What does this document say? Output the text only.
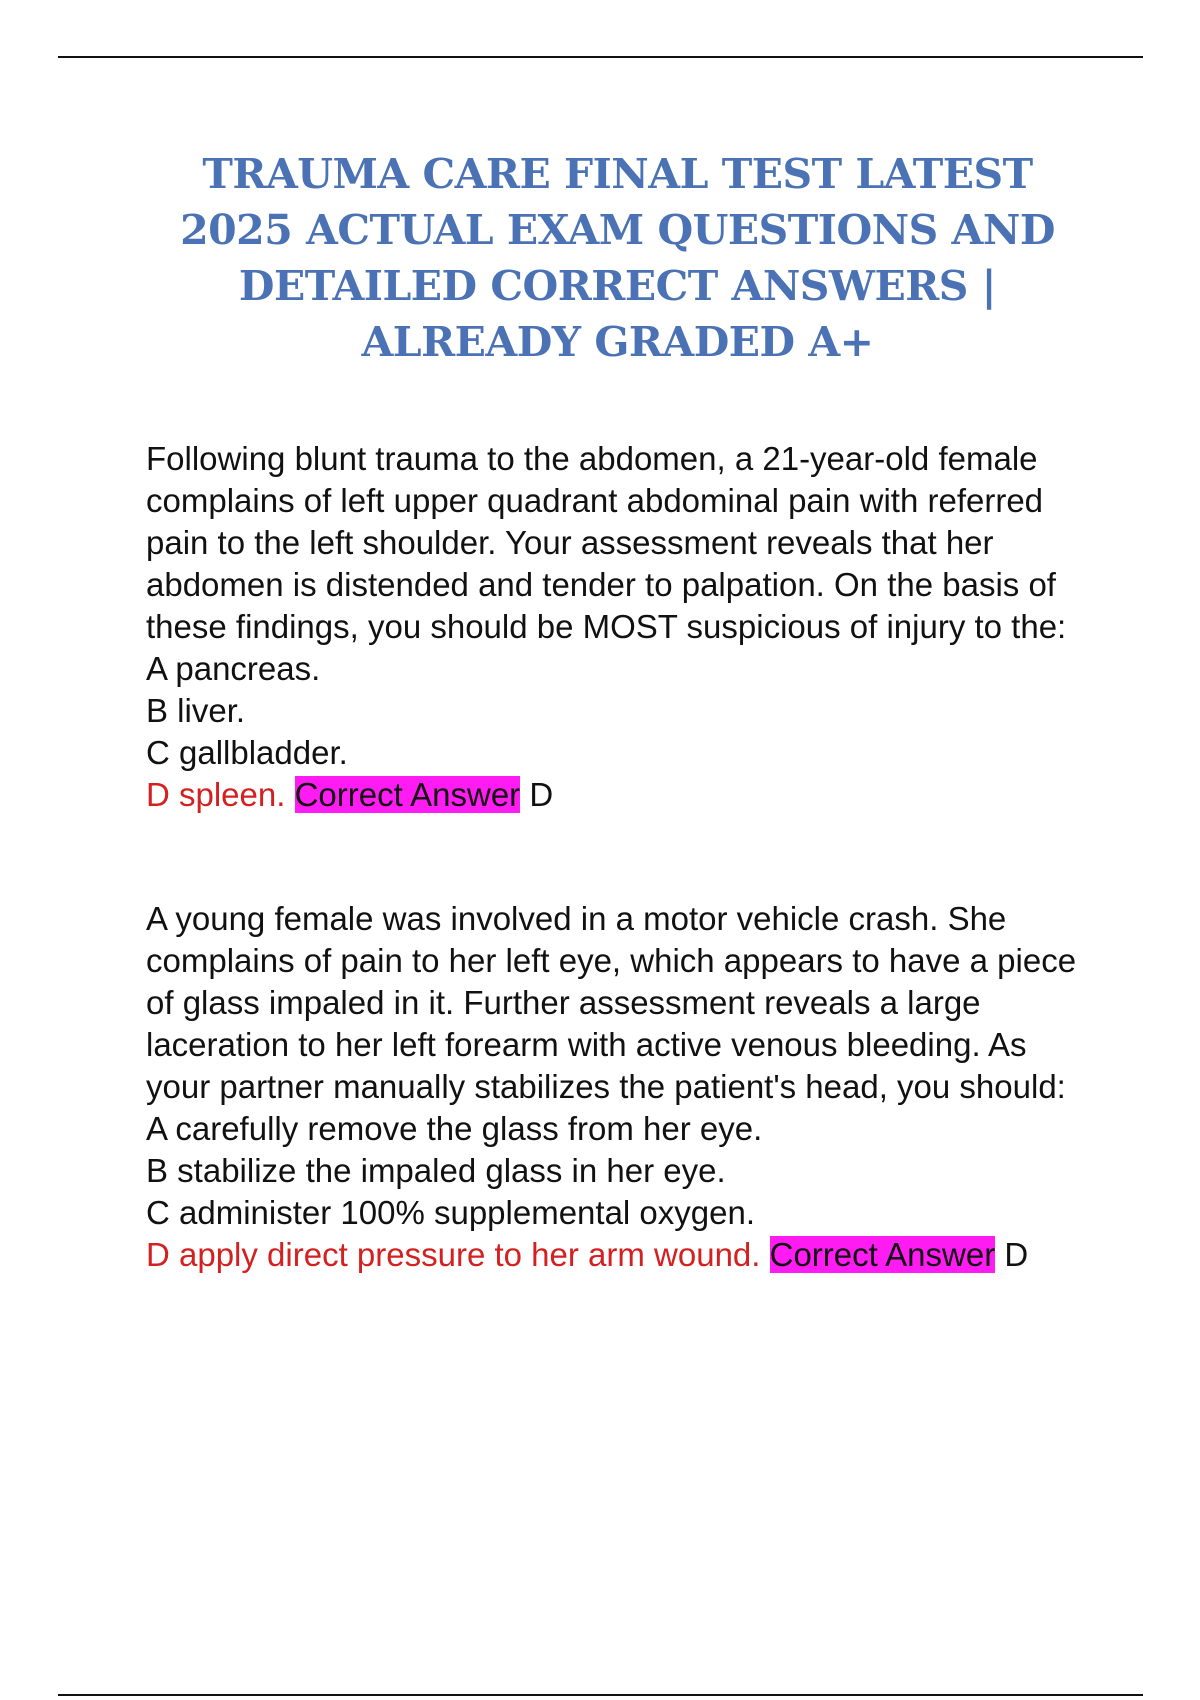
TRAUMA CARE FINAL TEST LATEST 2025 ACTUAL EXAM QUESTIONS AND DETAILED CORRECT ANSWERS | ALREADY GRADED A+

Following blunt trauma to the abdomen, a 21-year-old female complains of left upper quadrant abdominal pain with referred pain to the left shoulder. Your assessment reveals that her abdomen is distended and tender to palpation. On the basis of these findings, you should be MOST suspicious of injury to the:

A pancreas.

B liver.

C gallbladder.

D spleen. Correct Answer D

A young female was involved in a motor vehicle crash. She complains of pain to her left eye, which appears to have a piece of glass impaled in it. Further assessment reveals a large laceration to her left forearm with active venous bleeding. As your partner manually stabilizes the patient's head, you should:

A carefully remove the glass from her eye.

B stabilize the impaled glass in her eye.

C administer 100% supplemental oxygen.

D apply direct pressure to her arm wound. Correct Answer D
